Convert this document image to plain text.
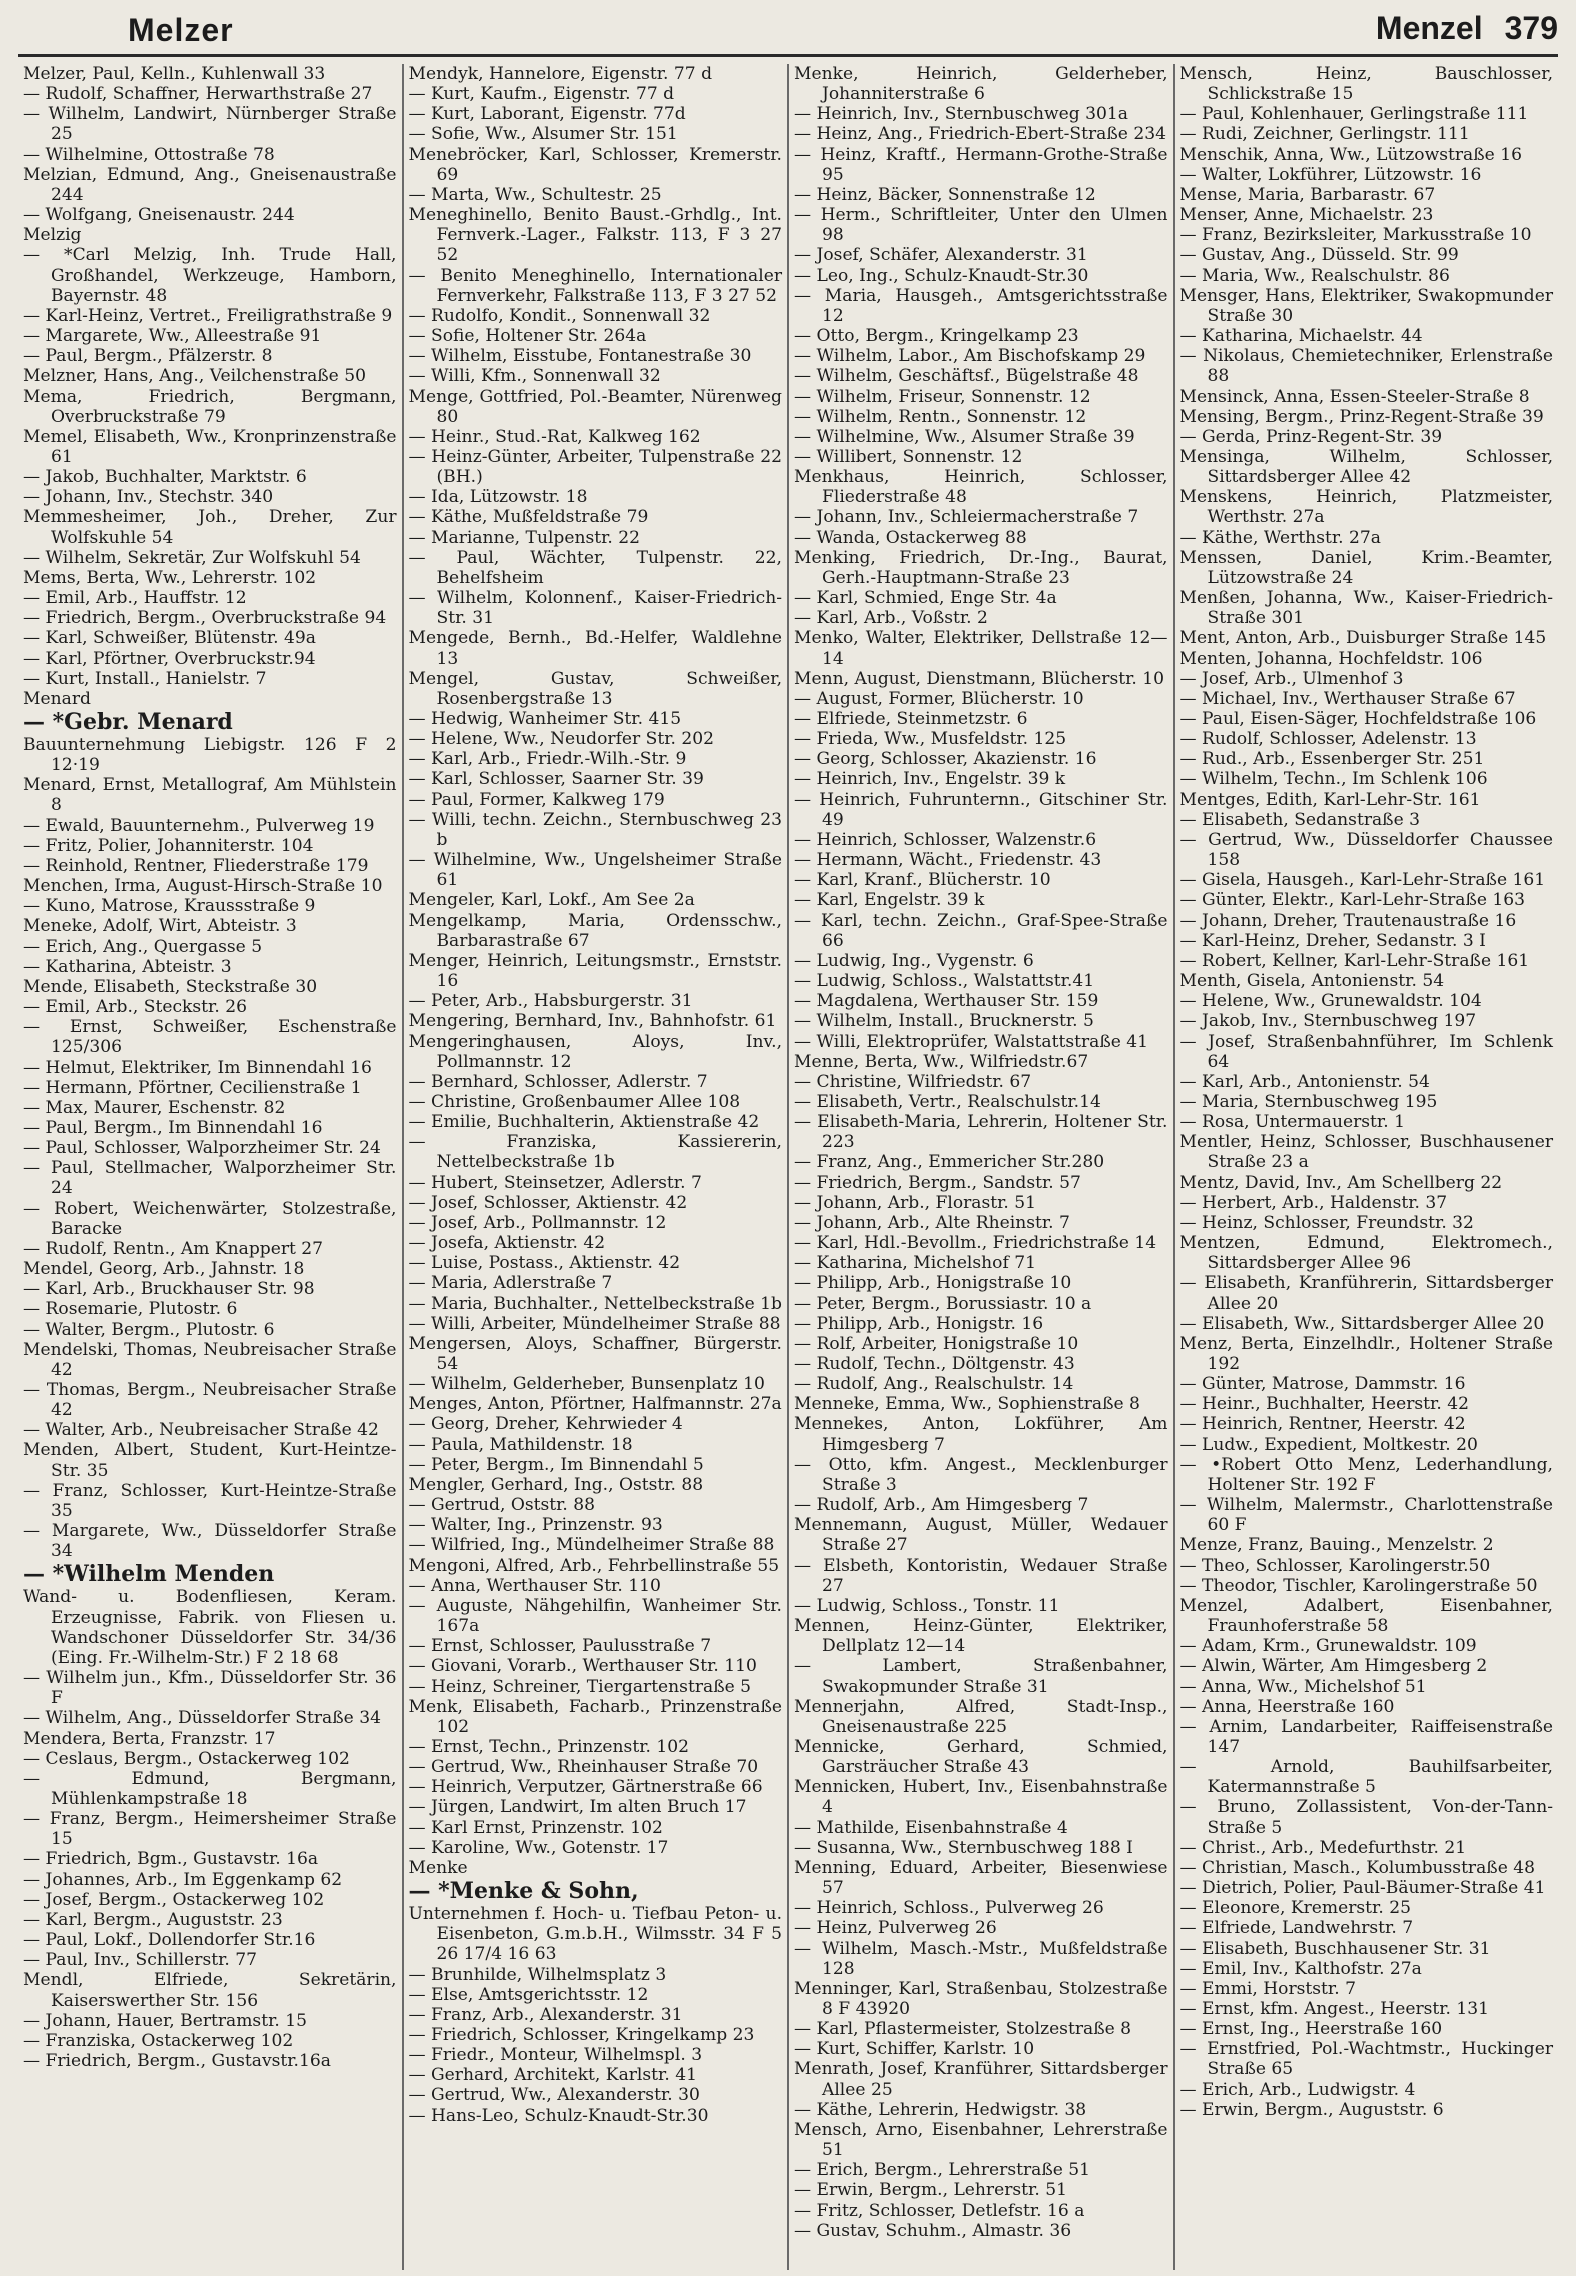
Melzer	Menzel 379
Melzer, Paul, Kelln., Kuhlenwall 33
— Rudolf, Schaffner, Herwarthstraße 27
— Wilhelm, Landwirt, Nürnberger Straße 25
— Wilhelmine, Ottostraße 78
Melzian, Edmund, Ang., Gneisenaustraße 244
— Wolfgang, Gneisenaustr. 244
Melzig
— *Carl Melzig, Inh. Trude Hall, Großhandel, Werkzeuge, Hamborn, Bayernstr. 48
— Karl-Heinz, Vertret., Freiligrathstraße 9
— Margarete, Ww., Alleestraße 91
— Paul, Bergm., Pfälzerstr. 8
Melzner, Hans, Ang., Veilchenstraße 50
Mema, Friedrich, Bergmann, Overbruckstraße 79
Memel, Elisabeth, Ww., Kronprinzenstraße 61
— Jakob, Buchhalter, Marktstr. 6
— Johann, Inv., Stechstr. 340
Memmesheimer, Joh., Dreher, Zur Wolfskuhle 54
— Wilhelm, Sekretär, Zur Wolfskuhl 54
Mems, Berta, Ww., Lehrerstr. 102
— Emil, Arb., Hauffstr. 12
— Friedrich, Bergm., Overbruckstraße 94
— Karl, Schweißer, Blütenstr. 49a
— Karl, Pförtner, Overbruckstr.94
— Kurt, Install., Hanielstr. 7
Menard
— *Gebr. Menard
Bauunternehmung Liebigstr. 126 F 2 12·19
Menard, Ernst, Metallograf, Am Mühlstein 8
— Ewald, Bauunternehm., Pulverweg 19
— Fritz, Polier, Johanniterstr. 104
— Reinhold, Rentner, Fliederstraße 179
Menchen, Irma, August-Hirsch-Straße 10
— Kuno, Matrose, Kraussstraße 9
Meneke, Adolf, Wirt, Abteistr. 3
— Erich, Ang., Quergasse 5
— Katharina, Abteistr. 3
Mende, Elisabeth, Steckstraße 30
— Emil, Arb., Steckstr. 26
— Ernst, Schweißer, Eschenstraße 125/306
— Helmut, Elektriker, Im Binnendahl 16
— Hermann, Pförtner, Cecilienstraße 1
— Max, Maurer, Eschenstr. 82
— Paul, Bergm., Im Binnendahl 16
— Paul, Schlosser, Walporzheimer Str. 24
— Paul, Stellmacher, Walporzheimer Str. 24
— Robert, Weichenwärter, Stolzestraße, Baracke
— Rudolf, Rentn., Am Knappert 27
Mendel, Georg, Arb., Jahnstr. 18
— Karl, Arb., Bruckhauser Str. 98
— Rosemarie, Plutostr. 6
— Walter, Bergm., Plutostr. 6
Mendelski, Thomas, Neubreisacher Straße 42
— Thomas, Bergm., Neubreisacher Straße 42
— Walter, Arb., Neubreisacher Straße 42
Menden, Albert, Student, Kurt-Heintze-Str. 35
— Franz, Schlosser, Kurt-Heintze-Straße 35
— Margarete, Ww., Düsseldorfer Straße 34
— *Wilhelm Menden
Wand- u. Bodenfliesen, Keram. Erzeugnisse, Fabrik. von Fliesen u. Wandschoner Düsseldorfer Str. 34/36 (Eing. Fr.-Wilhelm-Str.) F 2 18 68
— Wilhelm jun., Kfm., Düsseldorfer Str. 36 F
— Wilhelm, Ang., Düsseldorfer Straße 34
Mendera, Berta, Franzstr. 17
— Ceslaus, Bergm., Ostackerweg 102
— Edmund, Bergmann, Mühlenkampstraße 18
— Franz, Bergm., Heimersheimer Straße 15
— Friedrich, Bgm., Gustavstr. 16a
— Johannes, Arb., Im Eggenkamp 62
— Josef, Bergm., Ostackerweg 102
— Karl, Bergm., Auguststr. 23
— Paul, Lokf., Dollendorfer Str.16
— Paul, Inv., Schillerstr. 77
Mendl, Elfriede, Sekretärin, Kaiserswerther Str. 156
— Johann, Hauer, Bertramstr. 15
— Franziska, Ostackerweg 102
— Friedrich, Bergm., Gustavstr.16a
Mendyk, Hannelore, Eigenstr. 77 d
— Kurt, Kaufm., Eigenstr. 77 d
— Kurt, Laborant, Eigenstr. 77d
— Sofie, Ww., Alsumer Str. 151
Menebröcker, Karl, Schlosser, Kremerstr. 69
— Marta, Ww., Schultestr. 25
Meneghinello, Benito Baust.-Grhdlg., Int. Fernverk.-Lager., Falkstr. 113, F 3 27 52
— Benito Meneghinello, Internationaler Fernverkehr, Falkstraße 113, F 3 27 52
— Rudolfo, Kondit., Sonnenwall 32
— Sofie, Holtener Str. 264a
— Wilhelm, Eisstube, Fontanestraße 30
— Willi, Kfm., Sonnenwall 32
Menge, Gottfried, Pol.-Beamter, Nürenweg 80
— Heinr., Stud.-Rat, Kalkweg 162
— Heinz-Günter, Arbeiter, Tulpenstraße 22 (BH.)
— Ida, Lützowstr. 18
— Käthe, Mußfeldstraße 79
— Marianne, Tulpenstr. 22
— Paul, Wächter, Tulpenstr. 22, Behelfsheim
— Wilhelm, Kolonnenf., Kaiser-Friedrich-Str. 31
Mengede, Bernh., Bd.-Helfer, Waldlehne 13
Mengel, Gustav, Schweißer, Rosenbergstraße 13
— Hedwig, Wanheimer Str. 415
— Helene, Ww., Neudorfer Str. 202
— Karl, Arb., Friedr.-Wilh.-Str. 9
— Karl, Schlosser, Saarner Str. 39
— Paul, Former, Kalkweg 179
— Willi, techn. Zeichn., Sternbuschweg 23 b
— Wilhelmine, Ww., Ungelsheimer Straße 61
Mengeler, Karl, Lokf., Am See 2a
Mengelkamp, Maria, Ordensschw., Barbarastraße 67
Menger, Heinrich, Leitungsmstr., Ernststr. 16
— Peter, Arb., Habsburgerstr. 31
Mengering, Bernhard, Inv., Bahnhofstr. 61
Mengeringhausen, Aloys, Inv., Pollmannstr. 12
— Bernhard, Schlosser, Adlerstr. 7
— Christine, Großenbaumer Allee 108
— Emilie, Buchhalterin, Aktienstraße 42
— Franziska, Kassiererin, Nettelbeckstraße 1b
— Hubert, Steinsetzer, Adlerstr. 7
— Josef, Schlosser, Aktienstr. 42
— Josef, Arb., Pollmannstr. 12
— Josefa, Aktienstr. 42
— Luise, Postass., Aktienstr. 42
— Maria, Adlerstraße 7
— Maria, Buchhalter., Nettelbeckstraße 1b
— Willi, Arbeiter, Mündelheimer Straße 88
Mengersen, Aloys, Schaffner, Bürgerstr. 54
— Wilhelm, Gelderheber, Bunsenplatz 10
Menges, Anton, Pförtner, Halfmannstr. 27a
— Georg, Dreher, Kehrwieder 4
— Paula, Mathildenstr. 18
— Peter, Bergm., Im Binnendahl 5
Mengler, Gerhard, Ing., Oststr. 88
— Gertrud, Oststr. 88
— Walter, Ing., Prinzenstr. 93
— Wilfried, Ing., Mündelheimer Straße 88
Mengoni, Alfred, Arb., Fehrbellinstraße 55
— Anna, Werthauser Str. 110
— Auguste, Nähgehilfin, Wanheimer Str. 167a
— Ernst, Schlosser, Paulusstraße 7
— Giovani, Vorarb., Werthauser Str. 110
— Heinz, Schreiner, Tiergartenstraße 5
Menk, Elisabeth, Facharb., Prinzenstraße 102
— Ernst, Techn., Prinzenstr. 102
— Gertrud, Ww., Rheinhauser Straße 70
— Heinrich, Verputzer, Gärtnerstraße 66
— Jürgen, Landwirt, Im alten Bruch 17
— Karl Ernst, Prinzenstr. 102
— Karoline, Ww., Gotenstr. 17
Menke
— *Menke & Sohn,
Unternehmen f. Hoch- u. Tiefbau Peton- u. Eisenbeton, G.m.b.H., Wilmsstr. 34 F 5 26 17/4 16 63
— Brunhilde, Wilhelmsplatz 3
— Else, Amtsgerichtsstr. 12
— Franz, Arb., Alexanderstr. 31
— Friedrich, Schlosser, Kringelkamp 23
— Friedr., Monteur, Wilhelmspl. 3
— Gerhard, Architekt, Karlstr. 41
— Gertrud, Ww., Alexanderstr. 30
— Hans-Leo, Schulz-Knaudt-Str.30
Menke, Heinrich, Gelderheber, Johanniterstraße 6
— Heinrich, Inv., Sternbuschweg 301a
— Heinz, Ang., Friedrich-Ebert-Straße 234
— Heinz, Kraftf., Hermann-Grothe-Straße 95
— Heinz, Bäcker, Sonnenstraße 12
— Herm., Schriftleiter, Unter den Ulmen 98
— Josef, Schäfer, Alexanderstr. 31
— Leo, Ing., Schulz-Knaudt-Str.30
— Maria, Hausgeh., Amtsgerichtsstraße 12
— Otto, Bergm., Kringelkamp 23
— Wilhelm, Labor., Am Bischofskamp 29
— Wilhelm, Geschäftsf., Bügelstraße 48
— Wilhelm, Friseur, Sonnenstr. 12
— Wilhelm, Rentn., Sonnenstr. 12
— Wilhelmine, Ww., Alsumer Straße 39
— Willibert, Sonnenstr. 12
Menkhaus, Heinrich, Schlosser, Fliederstraße 48
— Johann, Inv., Schleiermacherstraße 7
— Wanda, Ostackerweg 88
Menking, Friedrich, Dr.-Ing., Baurat, Gerh.-Hauptmann-Straße 23
— Karl, Schmied, Enge Str. 4a
— Karl, Arb., Voßstr. 2
Menko, Walter, Elektriker, Dellstraße 12—14
Menn, August, Dienstmann, Blücherstr. 10
— August, Former, Blücherstr. 10
— Elfriede, Steinmetzstr. 6
— Frieda, Ww., Musfeldstr. 125
— Georg, Schlosser, Akazienstr. 16
— Heinrich, Inv., Engelstr. 39 k
— Heinrich, Fuhrunternn., Gitschiner Str. 49
— Heinrich, Schlosser, Walzenstr.6
— Hermann, Wächt., Friedenstr. 43
— Karl, Kranf., Blücherstr. 10
— Karl, Engelstr. 39 k
— Karl, techn. Zeichn., Graf-Spee-Straße 66
— Ludwig, Ing., Vygenstr. 6
— Ludwig, Schloss., Walstattstr.41
— Magdalena, Werthauser Str. 159
— Wilhelm, Install., Brucknerstr. 5
— Willi, Elektroprüfer, Walstattstraße 41
Menne, Berta, Ww., Wilfriedstr.67
— Christine, Wilfriedstr. 67
— Elisabeth, Vertr., Realschulstr.14
— Elisabeth-Maria, Lehrerin, Holtener Str. 223
— Franz, Ang., Emmericher Str.280
— Friedrich, Bergm., Sandstr. 57
— Johann, Arb., Florastr. 51
— Johann, Arb., Alte Rheinstr. 7
— Karl, Hdl.-Bevollm., Friedrichstraße 14
— Katharina, Michelshof 71
— Philipp, Arb., Honigstraße 10
— Peter, Bergm., Borussiastr. 10 a
— Philipp, Arb., Honigstr. 16
— Rolf, Arbeiter, Honigstraße 10
— Rudolf, Techn., Döltgenstr. 43
— Rudolf, Ang., Realschulstr. 14
Menneke, Emma, Ww., Sophienstraße 8
Mennekes, Anton, Lokführer, Am Himgesberg 7
— Otto, kfm. Angest., Mecklenburger Straße 3
— Rudolf, Arb., Am Himgesberg 7
Mennemann, August, Müller, Wedauer Straße 27
— Elsbeth, Kontoristin, Wedauer Straße 27
— Ludwig, Schloss., Tonstr. 11
Mennen, Heinz-Günter, Elektriker, Dellplatz 12—14
— Lambert, Straßenbahner, Swakopmunder Straße 31
Mennerjahn, Alfred, Stadt-Insp., Gneisenaustraße 225
Mennicke, Gerhard, Schmied, Garsträucher Straße 43
Mennicken, Hubert, Inv., Eisenbahnstraße 4
— Mathilde, Eisenbahnstraße 4
— Susanna, Ww., Sternbuschweg 188 I
Menning, Eduard, Arbeiter, Biesenwiese 57
— Heinrich, Schloss., Pulverweg 26
— Heinz, Pulverweg 26
— Wilhelm, Masch.-Mstr., Mußfeldstraße 128
Menninger, Karl, Straßenbau, Stolzestraße 8 F 43920
— Karl, Pflastermeister, Stolzestraße 8
— Kurt, Schiffer, Karlstr. 10
Menrath, Josef, Kranführer, Sittardsberger Allee 25
— Käthe, Lehrerin, Hedwigstr. 38
Mensch, Arno, Eisenbahner, Lehrerstraße 51
— Erich, Bergm., Lehrerstraße 51
— Erwin, Bergm., Lehrerstr. 51
— Fritz, Schlosser, Detlefstr. 16 a
— Gustav, Schuhm., Almastr. 36
Mensch, Heinz, Bauschlosser, Schlickstraße 15
— Paul, Kohlenhauer, Gerlingstraße 111
— Rudi, Zeichner, Gerlingstr. 111
Menschik, Anna, Ww., Lützowstraße 16
— Walter, Lokführer, Lützowstr. 16
Mense, Maria, Barbarastr. 67
Menser, Anne, Michaelstr. 23
— Franz, Bezirksleiter, Markusstraße 10
— Gustav, Ang., Düsseld. Str. 99
— Maria, Ww., Realschulstr. 86
Mensger, Hans, Elektriker, Swakopmunder Straße 30
— Katharina, Michaelstr. 44
— Nikolaus, Chemietechniker, Erlenstraße 88
Mensinck, Anna, Essen-Steeler-Straße 8
Mensing, Bergm., Prinz-Regent-Straße 39
— Gerda, Prinz-Regent-Str. 39
Mensinga, Wilhelm, Schlosser, Sittardsberger Allee 42
Menskens, Heinrich, Platzmeister, Werthstr. 27a
— Käthe, Werthstr. 27a
Menssen, Daniel, Krim.-Beamter, Lützowstraße 24
Menßen, Johanna, Ww., Kaiser-Friedrich-Straße 301
Ment, Anton, Arb., Duisburger Straße 145
Menten, Johanna, Hochfeldstr. 106
— Josef, Arb., Ulmenhof 3
— Michael, Inv., Werthauser Straße 67
— Paul, Eisen-Säger, Hochfeldstraße 106
— Rudolf, Schlosser, Adelenstr. 13
— Rud., Arb., Essenberger Str. 251
— Wilhelm, Techn., Im Schlenk 106
Mentges, Edith, Karl-Lehr-Str. 161
— Elisabeth, Sedanstraße 3
— Gertrud, Ww., Düsseldorfer Chaussee 158
— Gisela, Hausgeh., Karl-Lehr-Straße 161
— Günter, Elektr., Karl-Lehr-Straße 163
— Johann, Dreher, Trautenaustraße 16
— Karl-Heinz, Dreher, Sedanstr. 3 I
— Robert, Kellner, Karl-Lehr-Straße 161
Menth, Gisela, Antonienstr. 54
— Helene, Ww., Grunewaldstr. 104
— Jakob, Inv., Sternbuschweg 197
— Josef, Straßenbahnführer, Im Schlenk 64
— Karl, Arb., Antonienstr. 54
— Maria, Sternbuschweg 195
— Rosa, Untermauerstr. 1
Mentler, Heinz, Schlosser, Buschhausener Straße 23 a
Mentz, David, Inv., Am Schellberg 22
— Herbert, Arb., Haldenstr. 37
— Heinz, Schlosser, Freundstr. 32
Mentzen, Edmund, Elektromech., Sittardsberger Allee 96
— Elisabeth, Kranführerin, Sittardsberger Allee 20
— Elisabeth, Ww., Sittardsberger Allee 20
Menz, Berta, Einzelhdlr., Holtener Straße 192
— Günter, Matrose, Dammstr. 16
— Heinr., Buchhalter, Heerstr. 42
— Heinrich, Rentner, Heerstr. 42
— Ludw., Expedient, Moltkestr. 20
— •Robert Otto Menz, Lederhandlung, Holtener Str. 192 F
— Wilhelm, Malermstr., Charlottenstraße 60 F
Menze, Franz, Bauing., Menzelstr. 2
— Theo, Schlosser, Karolingerstr.50
— Theodor, Tischler, Karolingerstraße 50
Menzel, Adalbert, Eisenbahner, Fraunhoferstraße 58
— Adam, Krm., Grunewaldstr. 109
— Alwin, Wärter, Am Himgesberg 2
— Anna, Ww., Michelshof 51
— Anna, Heerstraße 160
— Arnim, Landarbeiter, Raiffeisenstraße 147
— Arnold, Bauhilfsarbeiter, Katermannstraße 5
— Bruno, Zollassistent, Von-der-Tann-Straße 5
— Christ., Arb., Medefurthstr. 21
— Christian, Masch., Kolumbusstraße 48
— Dietrich, Polier, Paul-Bäumer-Straße 41
— Eleonore, Kremerstr. 25
— Elfriede, Landwehrstr. 7
— Elisabeth, Buschhausener Str. 31
— Emil, Inv., Kalthofstr. 27a
— Emmi, Horststr. 7
— Ernst, kfm. Angest., Heerstr. 131
— Ernst, Ing., Heerstraße 160
— Ernstfried, Pol.-Wachtmstr., Huckinger Straße 65
— Erich, Arb., Ludwigstr. 4
— Erwin, Bergm., Auguststr. 6
